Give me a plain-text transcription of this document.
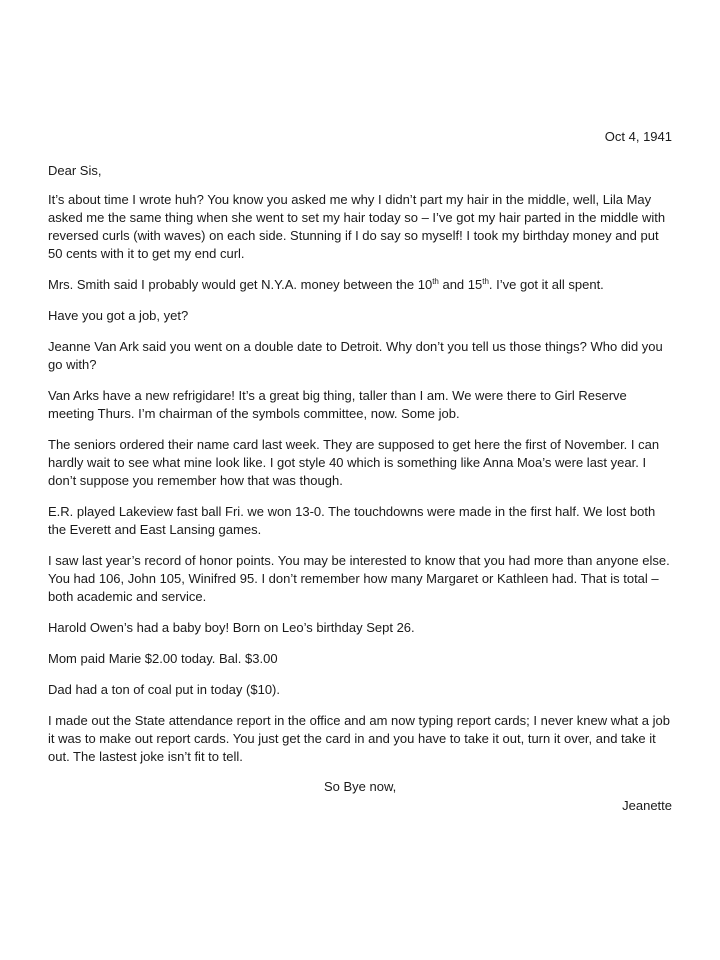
Oct 4, 1941

Dear Sis,

It’s about time I wrote huh? You know you asked me why I didn’t part my hair in the middle, well, Lila May asked me the same thing when she went to set my hair today so – I’ve got my hair parted in the middle with reversed curls (with waves) on each side. Stunning if I do say so myself! I took my birthday money and put 50 cents with it to get my end curl.

Mrs. Smith said I probably would get N.Y.A. money between the 10th and 15th. I’ve got it all spent.

Have you got a job, yet?

Jeanne Van Ark said you went on a double date to Detroit. Why don’t you tell us those things? Who did you go with?

Van Arks have a new refrigidare! It’s a great big thing, taller than I am. We were there to Girl Reserve meeting Thurs. I’m chairman of the symbols committee, now. Some job.

The seniors ordered their name card last week. They are supposed to get here the first of November. I can hardly wait to see what mine look like. I got style 40 which is something like Anna Moa’s were last year. I don’t suppose you remember how that was though.

E.R. played Lakeview fast ball Fri. we won 13-0. The touchdowns were made in the first half. We lost both the Everett and East Lansing games.

I saw last year’s record of honor points. You may be interested to know that you had more than anyone else. You had 106, John 105, Winifred 95. I don’t remember how many Margaret or Kathleen had. That is total – both academic and service.

Harold Owen’s had a baby boy! Born on Leo’s birthday Sept 26.

Mom paid Marie $2.00 today. Bal. $3.00

Dad had a ton of coal put in today ($10).

I made out the State attendance report in the office and am now typing report cards; I never knew what a job it was to make out report cards. You just get the card in and you have to take it out, turn it over, and take it out. The lastest joke isn’t fit to tell.

So Bye now,
Jeanette
